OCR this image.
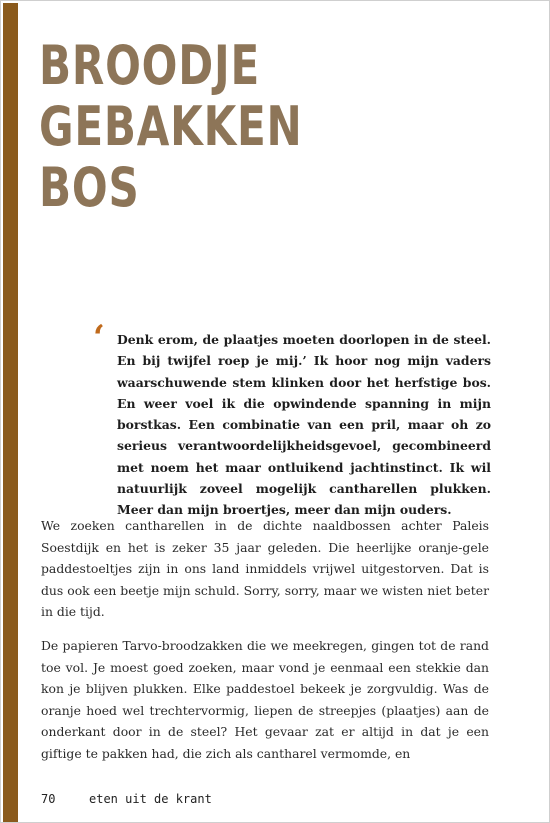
BROODJE
GEBAKKEN
BOS
‘ Denk erom, de plaatjes moeten doorlopen in de steel. En bij twijfel roep je mij.’ Ik hoor nog mijn vaders waarschuwende stem klinken door het herfstige bos. En weer voel ik die opwindende spanning in mijn borstkas. Een combinatie van een pril, maar oh zo serieus verantwoordelijkheidsgevoel, gecombineerd met noem het maar ontluikend jachtinstinct. Ik wil natuurlijk zoveel mogelijk cantharellen plukken. Meer dan mijn broertjes, meer dan mijn ouders.

We zoeken cantharellen in de dichte naaldbossen achter Paleis Soestdijk en het is zeker 35 jaar geleden. Die heerlijke oranje-gele paddestoeltjes zijn in ons land inmiddels vrijwel uitgestorven. Dat is dus ook een beetje mijn schuld. Sorry, sorry, maar we wisten niet beter in die tijd.

De papieren Tarvo-broodzakken die we meekregen, gingen tot de rand toe vol. Je moest goed zoeken, maar vond je eenmaal een stekkie dan kon je blijven plukken. Elke paddestoel bekeek je zorgvuldig. Was de oranje hoed wel trechtervormig, liepen de streepjes (plaatjes) aan de onderkant door in de steel? Het gevaar zat er altijd in dat je een giftige te pakken had, die zich als cantharel vermomde, en

70	eten uit de krant
